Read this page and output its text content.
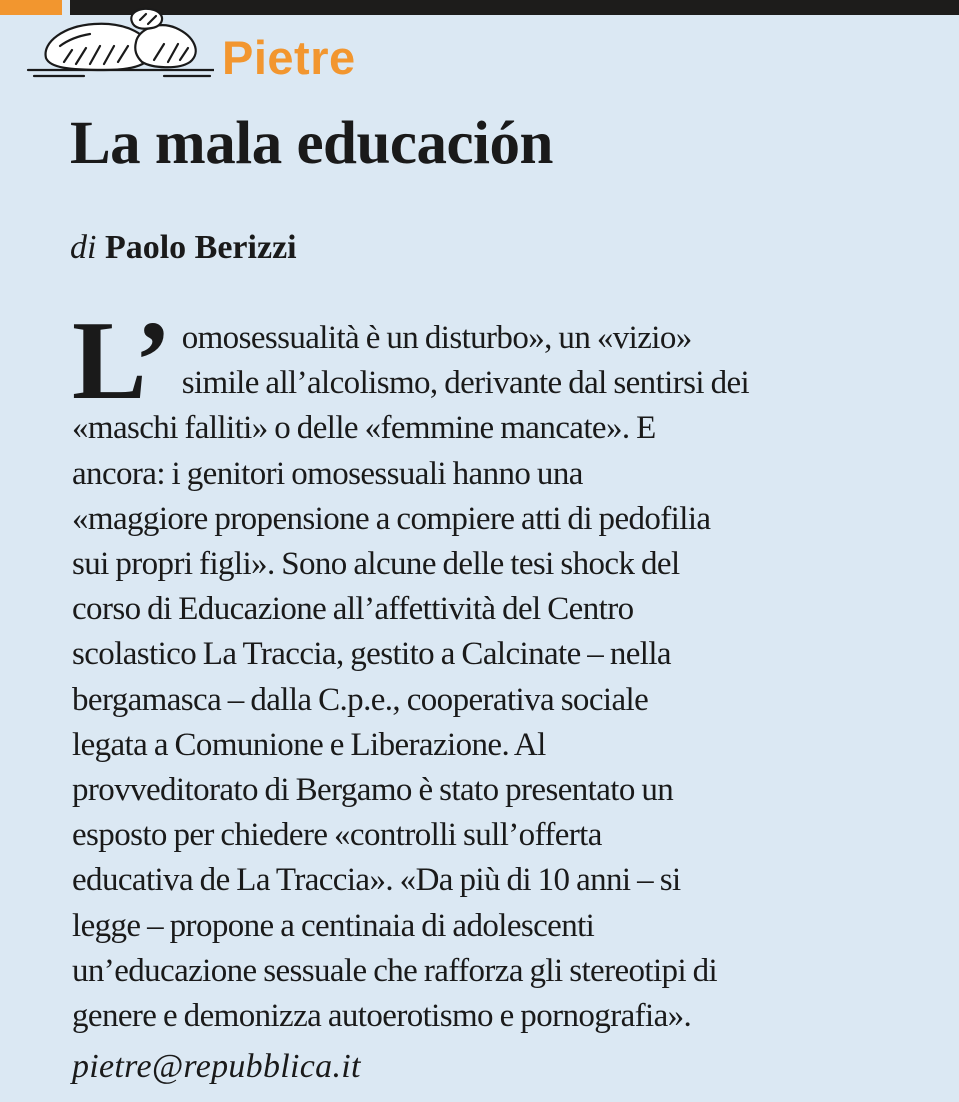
Pietre
La mala educación
di Paolo Berizzi
L’ omosessualità è un disturbo», un «vizio»
simile all’alcolismo, derivante dal sentirsi dei
«maschi falliti» o delle «femmine mancate». E
ancora: i genitori omosessuali hanno una
«maggiore propensione a compiere atti di pedofilia
sui propri figli». Sono alcune delle tesi shock del
corso di Educazione all’affettività del Centro
scolastico La Traccia, gestito a Calcinate – nella
bergamasca – dalla C.p.e., cooperativa sociale
legata a Comunione e Liberazione. Al
provveditorato di Bergamo è stato presentato un
esposto per chiedere «controlli sull’offerta
educativa de La Traccia». «Da più di 10 anni – si
legge – propone a centinaia di adolescenti
un’educazione sessuale che rafforza gli stereotipi di
genere e demonizza autoerotismo e pornografia».
pietre@repubblica.it
